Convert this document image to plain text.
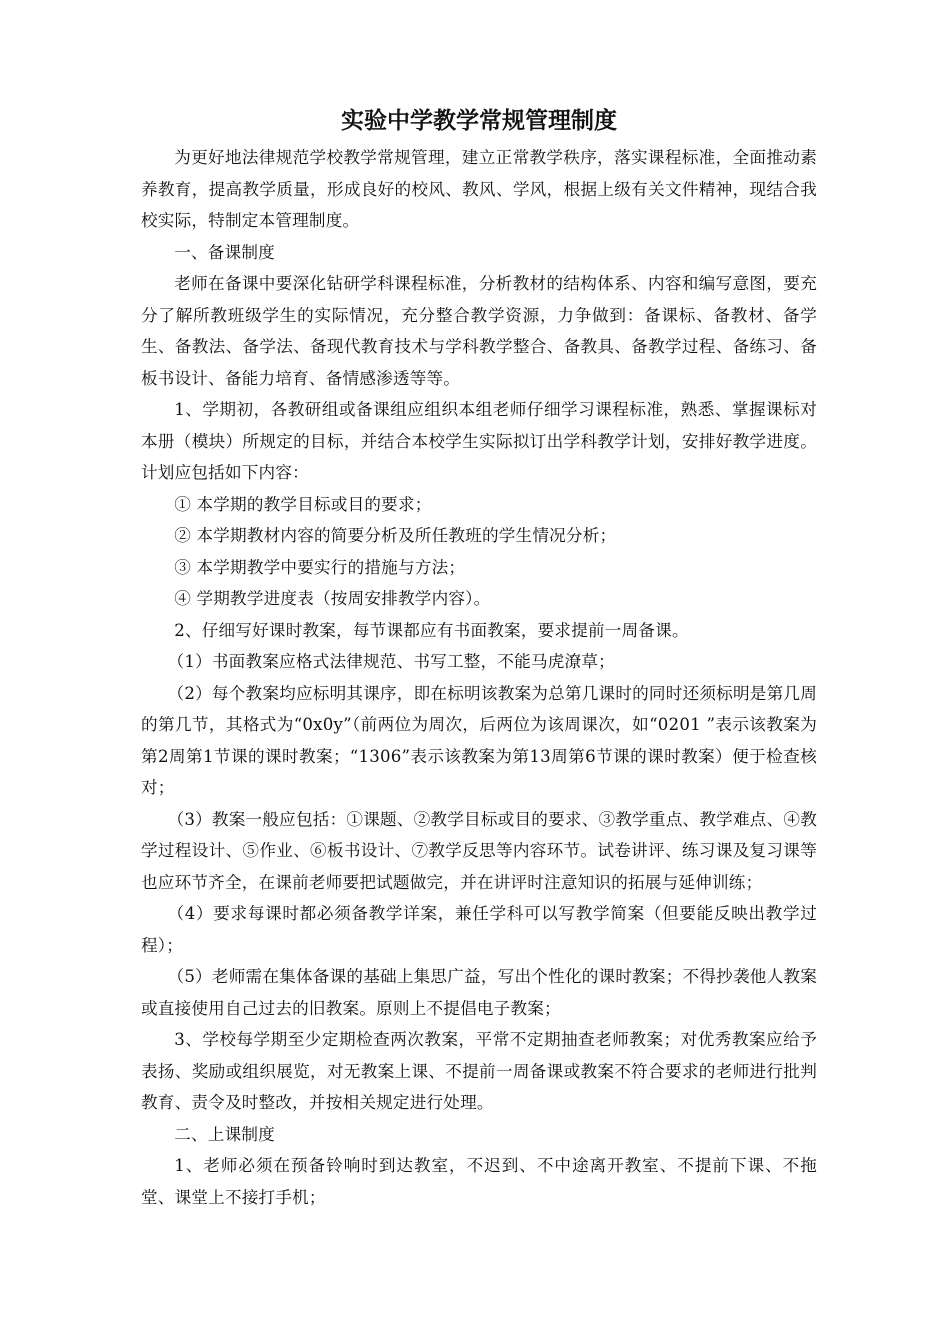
实验中学教学常规管理制度

为更好地法律规范学校教学常规管理，建立正常教学秩序，落实课程标准，全面推动素养教育，提高教学质量，形成良好的校风、教风、学风，根据上级有关文件精神，现结合我校实际，特制定本管理制度。

一、备课制度

老师在备课中要深化钻研学科课程标准，分析教材的结构体系、内容和编写意图，要充分了解所教班级学生的实际情况，充分整合教学资源，力争做到：备课标、备教材、备学生、备教法、备学法、备现代教育技术与学科教学整合、备教具、备教学过程、备练习、备板书设计、备能力培育、备情感渗透等等。

1、学期初，各教研组或备课组应组织本组老师仔细学习课程标准，熟悉、掌握课标对本册（模块）所规定的目标，并结合本校学生实际拟订出学科教学计划，安排好教学进度。计划应包括如下内容：

① 本学期的教学目标或目的要求；

② 本学期教材内容的简要分析及所任教班的学生情况分析；

③ 本学期教学中要实行的措施与方法；

④ 学期教学进度表（按周安排教学内容）。

2、仔细写好课时教案，每节课都应有书面教案，要求提前一周备课。

（1）书面教案应格式法律规范、书写工整，不能马虎潦草；

（2）每个教案均应标明其课序，即在标明该教案为总第几课时的同时还须标明是第几周的第几节，其格式为“0x0y”（前两位为周次，后两位为该周课次，如“0201 ”表示该教案为第2周第1节课的课时教案；“1306”表示该教案为第13周第6节课的课时教案）便于检查核对；

（3）教案一般应包括：①课题、②教学目标或目的要求、③教学重点、教学难点、④教学过程设计、⑤作业、⑥板书设计、⑦教学反思等内容环节。试卷讲评、练习课及复习课等也应环节齐全，在课前老师要把试题做完，并在讲评时注意知识的拓展与延伸训练；

（4）要求每课时都必须备教学详案，兼任学科可以写教学简案（但要能反映出教学过程）；

（5）老师需在集体备课的基础上集思广益，写出个性化的课时教案；不得抄袭他人教案或直接使用自己过去的旧教案。原则上不提倡电子教案；

3、学校每学期至少定期检查两次教案，平常不定期抽查老师教案；对优秀教案应给予表扬、奖励或组织展览，对无教案上课、不提前一周备课或教案不符合要求的老师进行批判教育、责令及时整改，并按相关规定进行处理。

二、上课制度

1、老师必须在预备铃响时到达教室，不迟到、不中途离开教室、不提前下课、不拖堂、课堂上不接打手机；
